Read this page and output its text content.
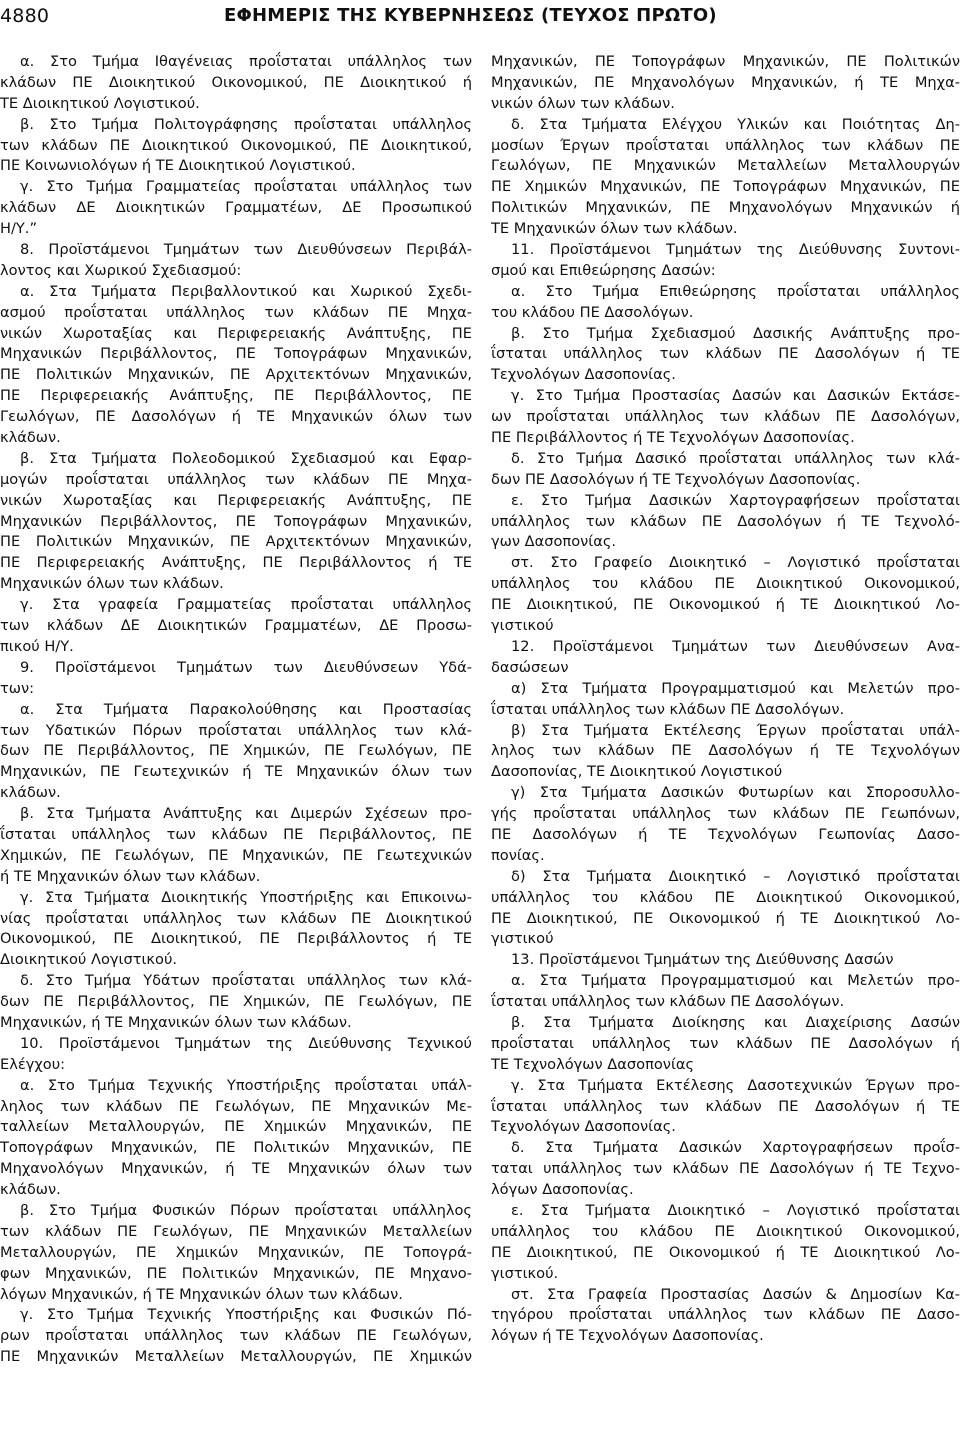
4880	ΕΦΗΜΕΡΙΣ ΤΗΣ ΚΥΒΕΡΝΗΣΕΩΣ (ΤΕΥΧΟΣ ΠΡΩΤΟ)
α. Στο Τμήμα Ιθαγένειας προΐσταται υπάλληλος των
κλάδων ΠΕ Διοικητικού Οικονομικού, ΠΕ Διοικητικού ή
ΤΕ Διοικητικού Λογιστικού.
β. Στο Τμήμα Πολιτογράφησης προΐσταται υπάλληλος
των κλάδων ΠΕ Διοικητικού Οικονομικού, ΠΕ Διοικητικού,
ΠΕ Κοινωνιολόγων ή ΤΕ Διοικητικού Λογιστικού.
γ. Στο Τμήμα Γραμματείας προΐσταται υπάλληλος των
κλάδων ΔΕ Διοικητικών Γραμματέων, ΔΕ Προσωπικού
Η/Υ.”
8. Προϊστάμενοι Τμημάτων των Διευθύνσεων Περιβάλ-
λοντος και Χωρικού Σχεδιασμού:
α. Στα Τμήματα Περιβαλλοντικού και Χωρικού Σχεδι-
ασμού προΐσταται υπάλληλος των κλάδων ΠΕ Μηχα-
νικών Χωροταξίας και Περιφερειακής Ανάπτυξης, ΠΕ
Μηχανικών Περιβάλλοντος, ΠΕ Τοπογράφων Μηχανικών,
ΠΕ Πολιτικών Μηχανικών, ΠΕ Αρχιτεκτόνων Μηχανικών,
ΠΕ Περιφερειακής Ανάπτυξης, ΠΕ Περιβάλλοντος, ΠΕ
Γεωλόγων, ΠΕ Δασολόγων ή ΤΕ Μηχανικών όλων των
κλάδων.
β. Στα Τμήματα Πολεοδομικού Σχεδιασμού και Εφαρ-
μογών προΐσταται υπάλληλος των κλάδων ΠΕ Μηχα-
νικών Χωροταξίας και Περιφερειακής Ανάπτυξης, ΠΕ
Μηχανικών Περιβάλλοντος, ΠΕ Τοπογράφων Μηχανικών,
ΠΕ Πολιτικών Μηχανικών, ΠΕ Αρχιτεκτόνων Μηχανικών,
ΠΕ Περιφερειακής Ανάπτυξης, ΠΕ Περιβάλλοντος ή ΤΕ
Μηχανικών όλων των κλάδων.
γ. Στα γραφεία Γραμματείας προΐσταται υπάλληλος
των κλάδων ΔΕ Διοικητικών Γραμματέων, ΔΕ Προσω-
πικού Η/Υ.
9. Προϊστάμενοι Τμημάτων των Διευθύνσεων Υδά-
των:
α. Στα Τμήματα Παρακολούθησης και Προστασίας
των Υδατικών Πόρων προΐσταται υπάλληλος των κλά-
δων ΠΕ Περιβάλλοντος, ΠΕ Χημικών, ΠΕ Γεωλόγων, ΠΕ
Μηχανικών, ΠΕ Γεωτεχνικών ή ΤΕ Μηχανικών όλων των
κλάδων.
β. Στα Τμήματα Ανάπτυξης και Διμερών Σχέσεων προ-
ΐσταται υπάλληλος των κλάδων ΠΕ Περιβάλλοντος, ΠΕ
Χημικών, ΠΕ Γεωλόγων, ΠΕ Μηχανικών, ΠΕ Γεωτεχνικών
ή ΤΕ Μηχανικών όλων των κλάδων.
γ. Στα Τμήματα Διοικητικής Υποστήριξης και Επικοινω-
νίας προΐσταται υπάλληλος των κλάδων ΠΕ Διοικητικού
Οικονομικού, ΠΕ Διοικητικού, ΠΕ Περιβάλλοντος ή ΤΕ
Διοικητικού Λογιστικού.
δ. Στο Τμήμα Υδάτων προΐσταται υπάλληλος των κλά-
δων ΠΕ Περιβάλλοντος, ΠΕ Χημικών, ΠΕ Γεωλόγων, ΠΕ
Μηχανικών, ή ΤΕ Μηχανικών όλων των κλάδων.
10. Προϊστάμενοι Τμημάτων της Διεύθυνσης Τεχνικού
Ελέγχου:
α. Στο Τμήμα Τεχνικής Υποστήριξης προΐσταται υπάλ-
ληλος των κλάδων ΠΕ Γεωλόγων, ΠΕ Μηχανικών Με-
ταλλείων Μεταλλουργών, ΠΕ Χημικών Μηχανικών, ΠΕ
Τοπογράφων Μηχανικών, ΠΕ Πολιτικών Μηχανικών, ΠΕ
Μηχανολόγων Μηχανικών, ή ΤΕ Μηχανικών όλων των
κλάδων.
β. Στο Τμήμα Φυσικών Πόρων προΐσταται υπάλληλος
των κλάδων ΠΕ Γεωλόγων, ΠΕ Μηχανικών Μεταλλείων
Μεταλλουργών, ΠΕ Χημικών Μηχανικών, ΠΕ Τοπογρά-
φων Μηχανικών, ΠΕ Πολιτικών Μηχανικών, ΠΕ Μηχανο-
λόγων Μηχανικών, ή ΤΕ Μηχανικών όλων των κλάδων.
γ. Στο Τμήμα Τεχνικής Υποστήριξης και Φυσικών Πό-
ρων προΐσταται υπάλληλος των κλάδων ΠΕ Γεωλόγων,
ΠΕ Μηχανικών Μεταλλείων Μεταλλουργών, ΠΕ Χημικών
Μηχανικών, ΠΕ Τοπογράφων Μηχανικών, ΠΕ Πολιτικών
Μηχανικών, ΠΕ Μηχανολόγων Μηχανικών, ή ΤΕ Μηχα-
νικών όλων των κλάδων.
δ. Στα Τμήματα Ελέγχου Υλικών και Ποιότητας Δη-
μοσίων Έργων προΐσταται υπάλληλος των κλάδων ΠΕ
Γεωλόγων, ΠΕ Μηχανικών Μεταλλείων Μεταλλουργών
ΠΕ Χημικών Μηχανικών, ΠΕ Τοπογράφων Μηχανικών, ΠΕ
Πολιτικών Μηχανικών, ΠΕ Μηχανολόγων Μηχανικών ή
ΤΕ Μηχανικών όλων των κλάδων.
11. Προϊστάμενοι Τμημάτων της Διεύθυνσης Συντονι-
σμού και Επιθεώρησης Δασών:
α. Στο Τμήμα Επιθεώρησης προΐσταται υπάλληλος
του κλάδου ΠΕ Δασολόγων.
β. Στο Τμήμα Σχεδιασμού Δασικής Ανάπτυξης προ-
ΐσταται υπάλληλος των κλάδων ΠΕ Δασολόγων ή ΤΕ
Τεχνολόγων Δασοπονίας.
γ. Στο Τμήμα Προστασίας Δασών και Δασικών Εκτάσε-
ων προΐσταται υπάλληλος των κλάδων ΠΕ Δασολόγων,
ΠΕ Περιβάλλοντος ή ΤΕ Τεχνολόγων Δασοπονίας.
δ. Στο Τμήμα Δασικό προΐσταται υπάλληλος των κλά-
δων ΠΕ Δασολόγων ή ΤΕ Τεχνολόγων Δασοπονίας.
ε. Στο Τμήμα Δασικών Χαρτογραφήσεων προΐσταται
υπάλληλος των κλάδων ΠΕ Δασολόγων ή ΤΕ Τεχνολό-
γων Δασοπονίας.
στ. Στο Γραφείο Διοικητικό – Λογιστικό προΐσταται
υπάλληλος του κλάδου ΠΕ Διοικητικού Οικονομικού,
ΠΕ Διοικητικού, ΠΕ Οικονομικού ή ΤΕ Διοικητικού Λο-
γιστικού
12. Προϊστάμενοι Τμημάτων των Διευθύνσεων Ανα-
δασώσεων
α) Στα Τμήματα Προγραμματισμού και Μελετών προ-
ΐσταται υπάλληλος των κλάδων ΠΕ Δασολόγων.
β) Στα Τμήματα Εκτέλεσης Έργων προΐσταται υπάλ-
ληλος των κλάδων ΠΕ Δασολόγων ή ΤΕ Τεχνολόγων
Δασοπονίας, ΤΕ Διοικητικού Λογιστικού
γ) Στα Τμήματα Δασικών Φυτωρίων και Σποροσυλλο-
γής προΐσταται υπάλληλος των κλάδων ΠΕ Γεωπόνων,
ΠΕ Δασολόγων ή ΤΕ Τεχνολόγων Γεωπονίας Δασο-
πονίας.
δ) Στα Τμήματα Διοικητικό – Λογιστικό προΐσταται
υπάλληλος του κλάδου ΠΕ Διοικητικού Οικονομικού,
ΠΕ Διοικητικού, ΠΕ Οικονομικού ή ΤΕ Διοικητικού Λο-
γιστικού
13. Προϊστάμενοι Τμημάτων της Διεύθυνσης Δασών
α. Στα Τμήματα Προγραμματισμού και Μελετών προ-
ΐσταται υπάλληλος των κλάδων ΠΕ Δασολόγων.
β. Στα Τμήματα Διοίκησης και Διαχείρισης Δασών
προΐσταται υπάλληλος των κλάδων ΠΕ Δασολόγων ή
ΤΕ Τεχνολόγων Δασοπονίας
γ. Στα Τμήματα Εκτέλεσης Δασοτεχνικών Έργων προ-
ΐσταται υπάλληλος των κλάδων ΠΕ Δασολόγων ή ΤΕ
Τεχνολόγων Δασοπονίας.
δ. Στα Τμήματα Δασικών Χαρτογραφήσεων προΐσ-
ταται υπάλληλος των κλάδων ΠΕ Δασολόγων ή ΤΕ Τεχνο-
λόγων Δασοπονίας.
ε. Στα Τμήματα Διοικητικό – Λογιστικό προΐσταται
υπάλληλος του κλάδου ΠΕ Διοικητικού Οικονομικού,
ΠΕ Διοικητικού, ΠΕ Οικονομικού ή ΤΕ Διοικητικού Λο-
γιστικού.
στ. Στα Γραφεία Προστασίας Δασών & Δημοσίων Κα-
τηγόρου προΐσταται υπάλληλος των κλάδων ΠΕ Δασο-
λόγων ή ΤΕ Τεχνολόγων Δασοπονίας.
